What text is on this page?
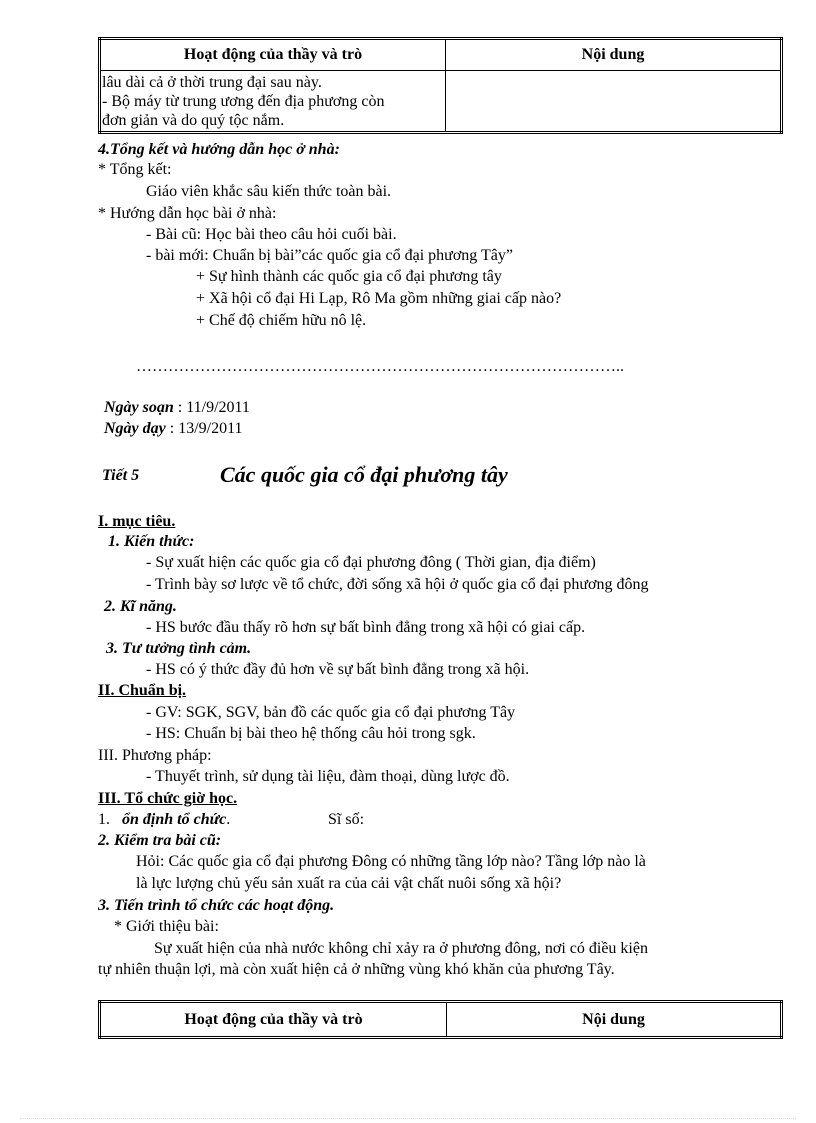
Hoạt động của thầy và trò	Nội dung

lâu dài cả ở thời trung đại sau này.
- Bộ máy từ trung ương đến địa phương còn
đơn giản và do quý tộc nắm.	

4.Tổng kết và hướng dẫn học ở nhà:
* Tổng kết:
Giáo viên khắc sâu kiến thức toàn bài.
* Hướng dẫn học bài ở nhà:
- Bài cũ: Học bài theo câu hỏi cuối bài.
- bài mới: Chuẩn bị bài”các quốc gia cổ đại phương Tây”
+ Sự hình thành các quốc gia cổ đại phương tây
+ Xã hội cổ đại Hi Lạp, Rô Ma gồm những giai cấp nào?
+ Chế độ chiếm hữu nô lệ.
………………………………………………………………………………..
Ngày soạn : 11/9/2011
Ngày dạy : 13/9/2011
Tiết 5	Các quốc gia cổ đại phương tây
I. mục tiêu.
1. Kiến thức:
- Sự xuất hiện các quốc gia cổ đại phương đông ( Thời gian, địa điểm)
- Trình bày sơ lược về tổ chức, đời sống xã hội ở quốc gia cổ đại phương đông
2. Kĩ năng.
- HS bước đầu thấy rõ hơn sự bất bình đẳng trong xã hội có giai cấp.
3. Tư tưởng tình cảm.
- HS có ý thức đầy đủ hơn về sự bất bình đẳng trong xã hội.
II. Chuẩn bị.
- GV: SGK, SGV, bản đồ các quốc gia cổ đại phương Tây
- HS: Chuẩn bị bài theo hệ thống câu hỏi trong sgk.
III. Phương pháp:
- Thuyết trình, sử dụng tài liệu, đàm thoại, dùng lược đồ.
III. Tổ chức giờ học.
1. ổn định tổ chức.	Sĩ số:
2. Kiểm tra bài cũ:
Hỏi: Các quốc gia cổ đại phương Đông có những tầng lớp nào? Tầng lớp nào là
là lực lượng chủ yếu sản xuất ra của cải vật chất nuôi sống xã hội?
3. Tiến trình tổ chức các hoạt động.
* Giới thiệu bài:
Sự xuất hiện của nhà nước không chỉ xảy ra ở phương đông, nơi có điều kiện
tự nhiên thuận lợi, mà còn xuất hiện cả ở những vùng khó khăn của phương Tây.
Hoạt động của thầy và trò	Nội dung
